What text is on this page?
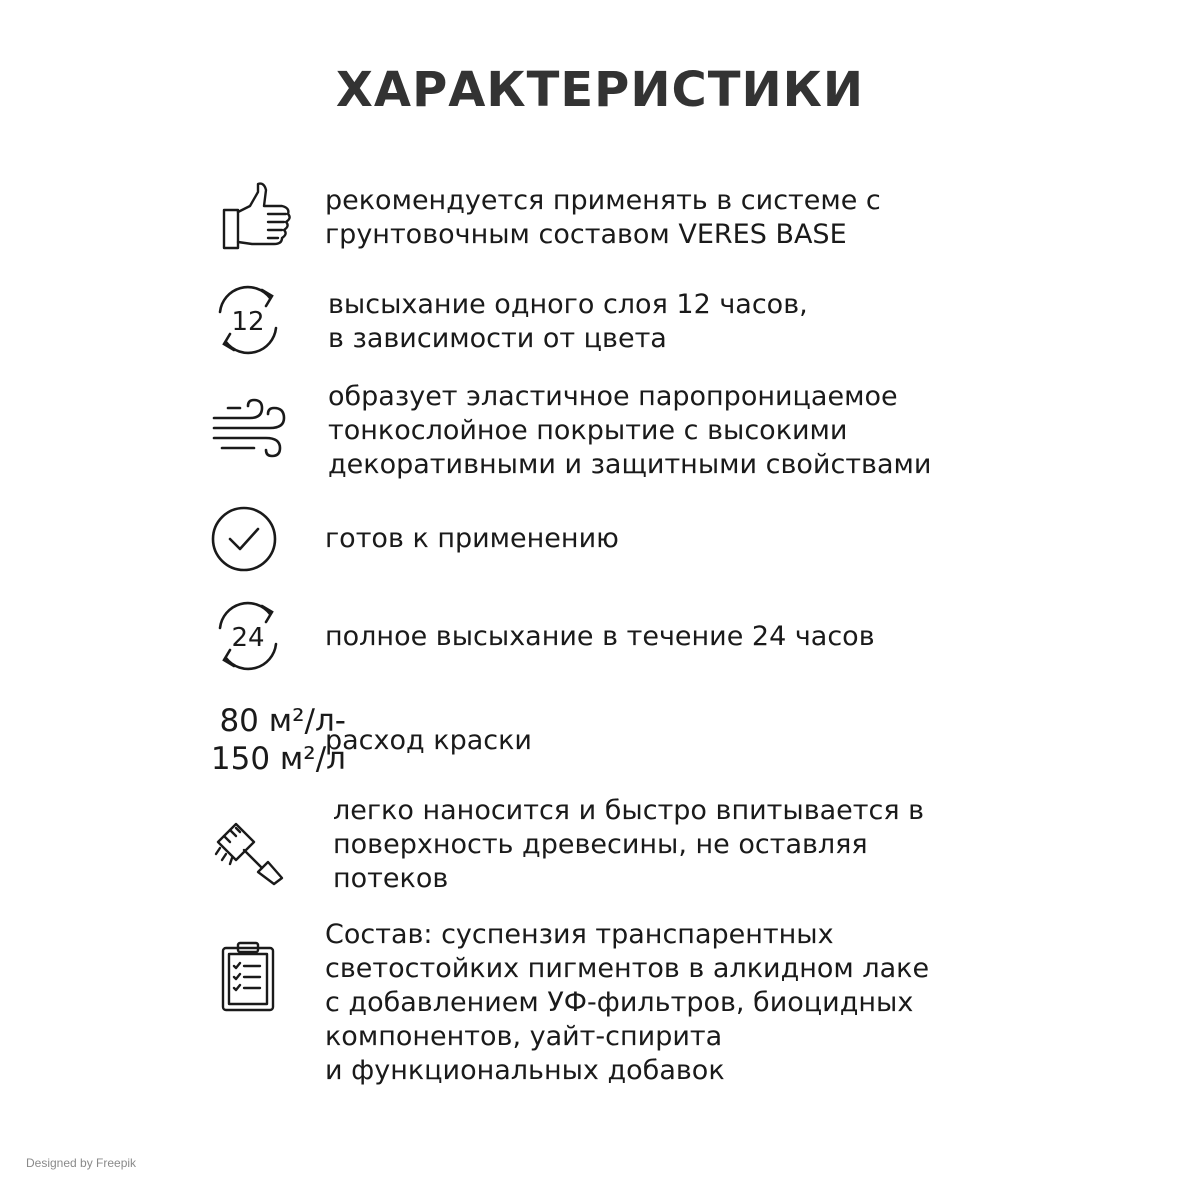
ХАРАКТЕРИСТИКИ
рекомендуется применять в системе с
грунтовочным составом VERES BASE
12
высыхание одного слоя 12 часов,
в зависимости от цвета
образует эластичное паропроницаемое
тонкослойное покрытие с высокими
декоративными и защитными свойствами
готов к применению
24 полное высыхание в течение 24 часов
80 м²/л-
150 м²/л
расход краски
легко наносится и быстро впитывается в
поверхность древесины, не оставляя
потеков
Состав: суспензия транспарентных
светостойких пигментов в алкидном лаке
с добавлением УФ-фильтров, биоцидных
компонентов, уайт-спирита
и функциональных добавок
Designed by Freepik
